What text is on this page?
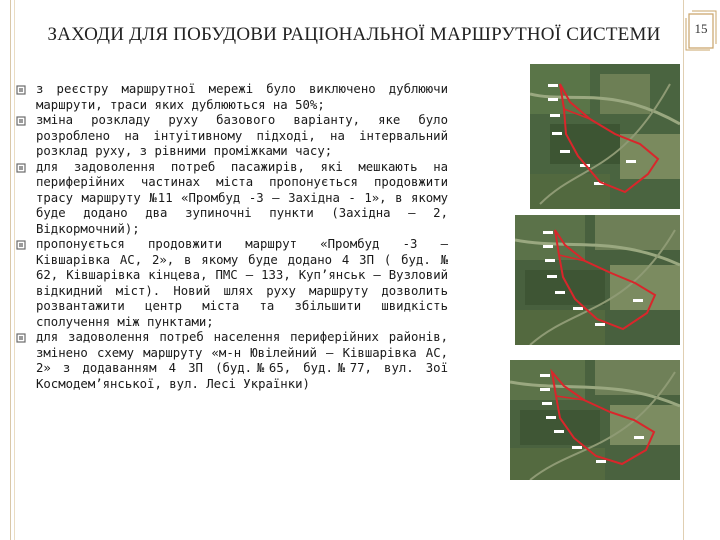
ЗАХОДИ ДЛЯ ПОБУДОВИ РАЦІОНАЛЬНОЇ МАРШРУТНОЇ СИСТЕМИ	15
з реєстру маршрутної мережі було виключено дублюючи маршрути, траси яких дублюються на 50%;
зміна розкладу руху базового варіанту, яке було розроблено на інтуітивному підході, на інтервальний розклад руху, з рівними проміжками часу;
для задоволення потреб пасажирів, які мешкають на периферійних частинах міста пропонується продовжити трасу маршруту №11 «Промбуд -3 – Західна - 1», в якому буде додано два зупиночні пункти (Західна – 2, Відкормочний);
пропонується продовжити маршрут «Промбуд -3 – Ківшарівка АС, 2», в якому буде додано 4 ЗП ( буд. № 62, Ківшарівка кінцева, ПМС – 133, Куп’янськ – Вузловий відкидний міст). Новий шлях руху маршруту дозволить розвантажити центр міста та збільшити швидкість сполучення між пунктами;
для задоволення потреб населення периферійних районів, змінено схему маршруту «м-н Ювілейний – Ківшарівка АС, 2» з додаванням 4 ЗП (буд.№65, буд.№77, вул. Зої Космодем’янської, вул. Лесі Українки)
